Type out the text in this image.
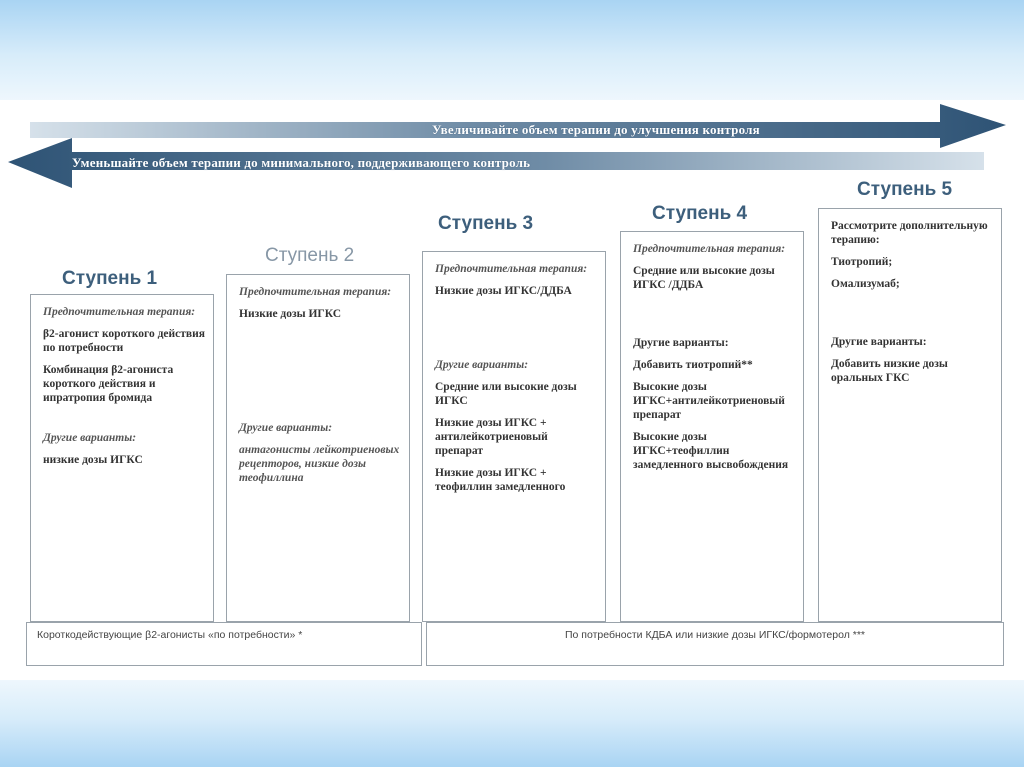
Увеличивайте объем терапии до улучшения контроля
Уменьшайте объем терапии до минимального, поддерживающего контроль
Ступень 1
Ступень 2
Ступень 3	Ступень 4
Ступень 5

Предпочтительная терапия:

β2-агонист короткого действия по потребности

Комбинация β2-агониста короткого действия и ипратропия бромида

Другие варианты:

низкие дозы ИГКС

Предпочтительная терапия:

Низкие дозы ИГКС

Другие варианты:

антагонисты лейкотриеновых рецепторов, низкие дозы теофиллина

Предпочтительная терапия:

Низкие дозы ИГКС/ДДБА

Другие варианты:

Средние или высокие дозы ИГКС

Низкие дозы ИГКС + антилейкотриеновый препарат

Низкие дозы ИГКС + теофиллин замедленного

Предпочтительная терапия:

Средние или высокие дозы ИГКС /ДДБА

Другие варианты:

Добавить тиотропий**

Высокие дозы ИГКС+антилейкотриеновый препарат

Высокие дозы ИГКС+теофиллин замедленного высвобождения

Рассмотрите дополнительную терапию:

Тиотропий;

Омализумаб;

Другие варианты:

Добавить низкие дозы оральных ГКС

Короткодействующие β2-агонисты «по потребности» *	По потребности КДБА или низкие дозы ИГКС/формотерол ***
